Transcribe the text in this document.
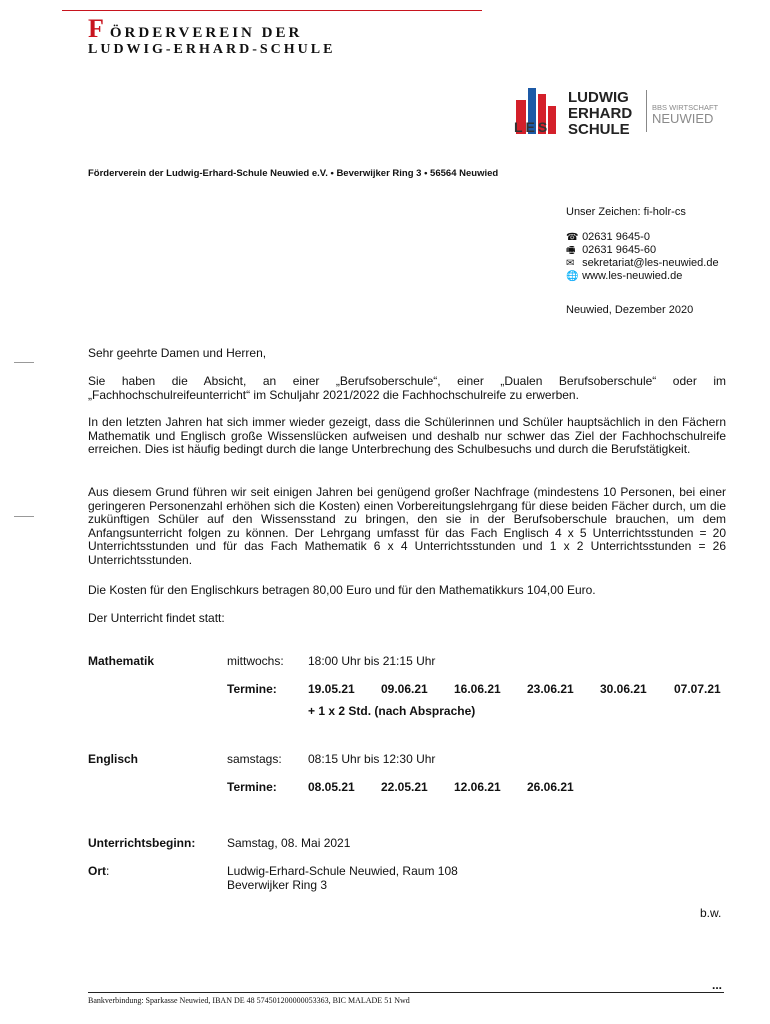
FÖRDERVEREIN DER
LUDWIG-ERHARD-SCHULE
LES
LUDWIG
ERHARD
SCHULE
BBS WIRTSCHAFT
NEUWIED
Förderverein der Ludwig-Erhard-Schule Neuwied e.V. • Beverwijker Ring 3 • 56564 Neuwied
Unser Zeichen: fi-holr-cs
☎ 02631 9645-0
🖷 02631 9645-60
✉ sekretariat@les-neuwied.de
🌐 www.les-neuwied.de
Neuwied, Dezember 2020
Sehr geehrte Damen und Herren,
Sie haben die Absicht, an einer „Berufsoberschule“, einer „Dualen Berufsoberschule“ oder im „Fachhochschulreifeunterricht“ im Schuljahr 2021/2022 die Fachhochschulreife zu erwerben.
In den letzten Jahren hat sich immer wieder gezeigt, dass die Schülerinnen und Schüler hauptsächlich in den Fächern Mathematik und Englisch große Wissenslücken aufweisen und deshalb nur schwer das Ziel der Fachhochschulreife erreichen. Dies ist häufig bedingt durch die lange Unterbrechung des Schulbesuchs und durch die Berufstätigkeit.
Aus diesem Grund führen wir seit einigen Jahren bei genügend großer Nachfrage (mindestens 10 Personen, bei einer geringeren Personenzahl erhöhen sich die Kosten) einen Vorbereitungslehrgang für diese beiden Fächer durch, um die zukünftigen Schüler auf den Wissensstand zu bringen, den sie in der Berufsoberschule brauchen, um dem Anfangsunterricht folgen zu können. Der Lehrgang umfasst für das Fach Englisch 4 x 5 Unterrichtsstunden = 20 Unterrichtsstunden und für das Fach Mathematik 6 x 4 Unterrichtsstunden und 1 x 2 Unterrichtsstunden = 26 Unterrichtsstunden.
Die Kosten für den Englischkurs betragen 80,00 Euro und für den Mathematikkurs 104,00 Euro.
Der Unterricht findet statt:
Mathematik	mittwochs: 18:00 Uhr bis 21:15 Uhr
Termine:	19.05.21 09.06.21 16.06.21 23.06.21 30.06.21 07.07.21
+ 1 x 2 Std. (nach Absprache)
Englisch	samstags: 08:15 Uhr bis 12:30 Uhr
Termine:	08.05.21 22.05.21 12.06.21 26.06.21
Unterrichtsbeginn:	Samstag, 08. Mai 2021
Ort:	Ludwig-Erhard-Schule Neuwied, Raum 108
Beverwijker Ring 3
b.w.
...
Bankverbindung: Sparkasse Neuwied, IBAN DE 48 574501200000053363, BIC MALADE 51 Nwd
